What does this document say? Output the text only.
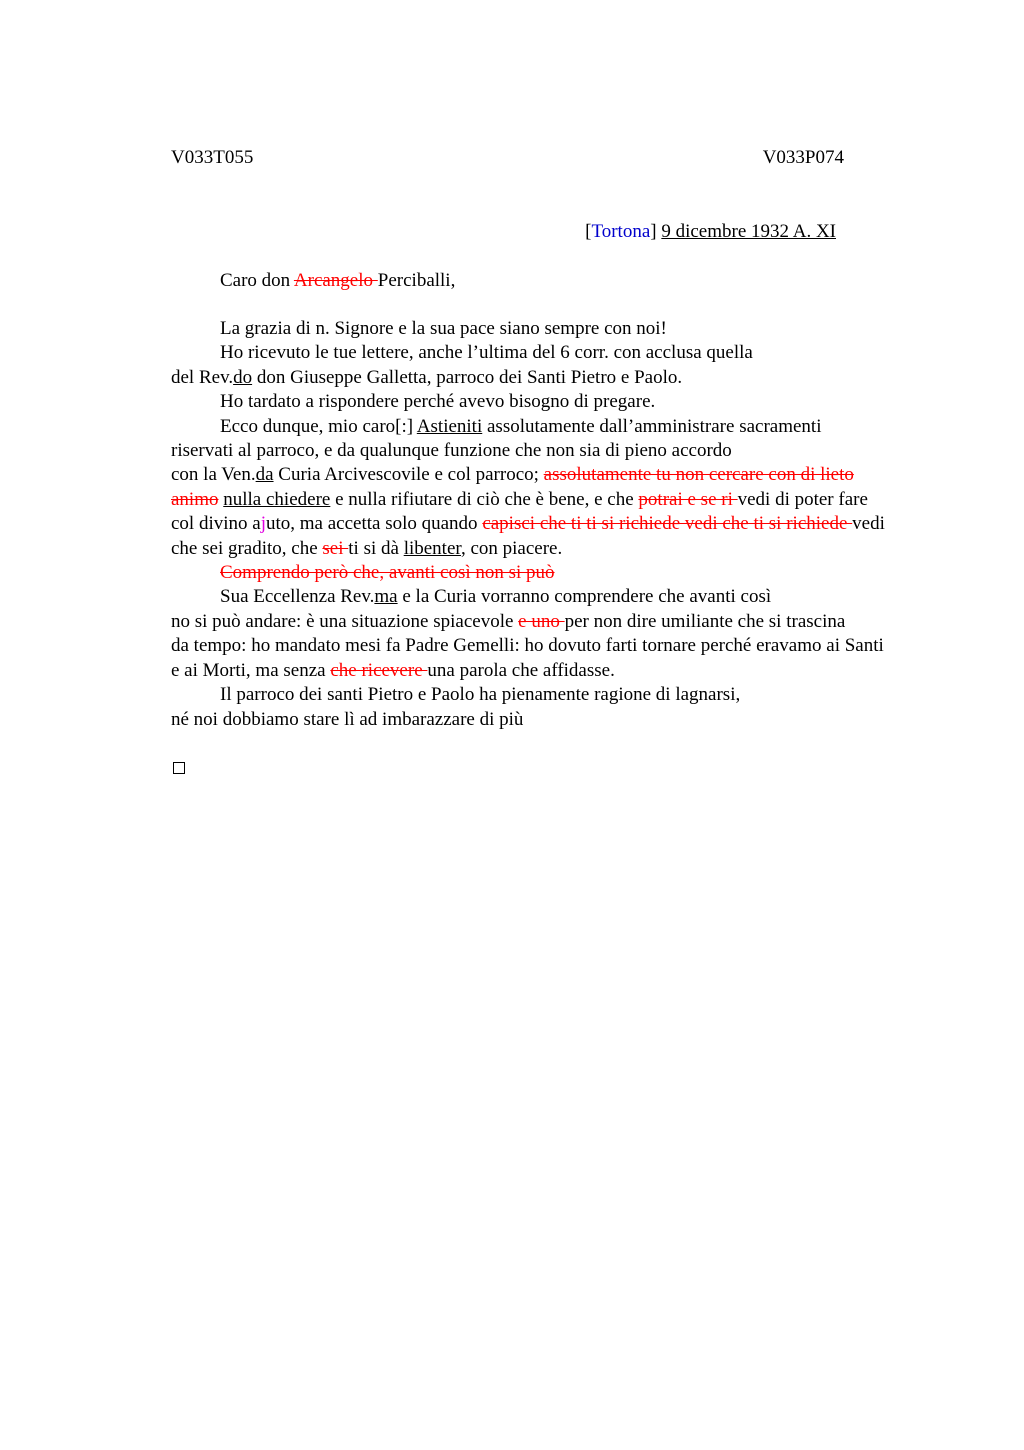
V033T055	V033P074
[Tortona] 9 dicembre 1932 A. XI
Caro don Arcangelo Perciballi,

La grazia di n. Signore e la sua pace siano sempre con noi!

Ho ricevuto le tue lettere, anche l’ultima del 6 corr. con acclusa quella

del Rev.do don Giuseppe Galletta, parroco dei Santi Pietro e Paolo.

Ho tardato a rispondere perché avevo bisogno di pregare.

Ecco dunque, mio caro[:] Astieniti assolutamente dall’amministrare sacramenti

riservati al parroco, e da qualunque funzione che non sia di pieno accordo

con la Ven.da Curia Arcivescovile e col parroco; assolutamente tu non cercare con di lieto animo nulla chiedere e nulla rifiutare di ciò che è bene, e che potrai e se ri vedi di poter fare col divino ajuto, ma accetta solo quando capisci che ti ti si richiede vedi che ti si richiede vedi che sei gradito, che sei ti si dà libenter, con piacere.

Comprendo però che, avanti così non si può

Sua Eccellenza Rev.ma e la Curia vorranno comprendere che avanti così

no si può andare: è una situazione spiacevole e uno per non dire umiliante che si trascina

da tempo: ho mandato mesi fa Padre Gemelli: ho dovuto farti tornare perché eravamo ai Santi e ai Morti, ma senza che ricevere una parola che affidasse.

Il parroco dei santi Pietro e Paolo ha pienamente ragione di lagnarsi,

né noi dobbiamo stare lì ad imbarazzare di più
